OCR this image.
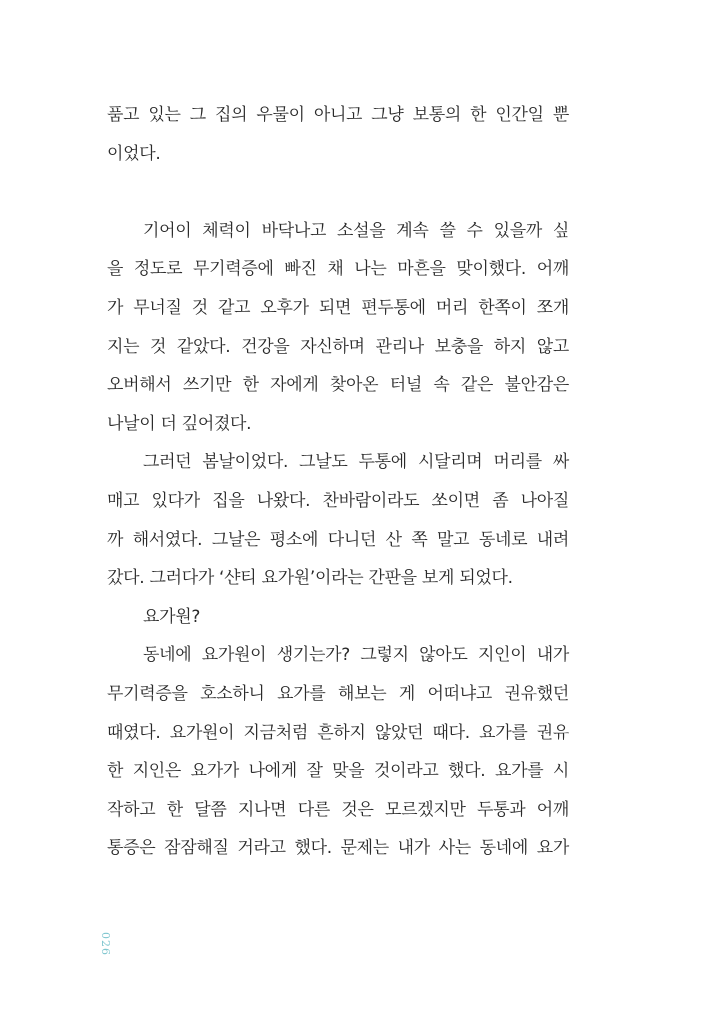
품고 있는 그 집의 우물이 아니고 그냥 보통의 한 인간일 뿐
이었다.
기어이 체력이 바닥나고 소설을 계속 쓸 수 있을까 싶
을 정도로 무기력증에 빠진 채 나는 마흔을 맞이했다. 어깨
가 무너질 것 같고 오후가 되면 편두통에 머리 한쪽이 쪼개
지는 것 같았다. 건강을 자신하며 관리나 보충을 하지 않고
오버해서 쓰기만 한 자에게 찾아온 터널 속 같은 불안감은
나날이 더 깊어졌다.
그러던 봄날이었다. 그날도 두통에 시달리며 머리를 싸
매고 있다가 집을 나왔다. 찬바람이라도 쏘이면 좀 나아질
까 해서였다. 그날은 평소에 다니던 산 쪽 말고 동네로 내려
갔다. 그러다가 ‘샨티 요가원’이라는 간판을 보게 되었다.
요가원?
동네에 요가원이 생기는가? 그렇지 않아도 지인이 내가
무기력증을 호소하니 요가를 해보는 게 어떠냐고 권유했던
때였다. 요가원이 지금처럼 흔하지 않았던 때다. 요가를 권유
한 지인은 요가가 나에게 잘 맞을 것이라고 했다. 요가를 시
작하고 한 달쯤 지나면 다른 것은 모르겠지만 두통과 어깨
통증은 잠잠해질 거라고 했다. 문제는 내가 사는 동네에 요가
026
